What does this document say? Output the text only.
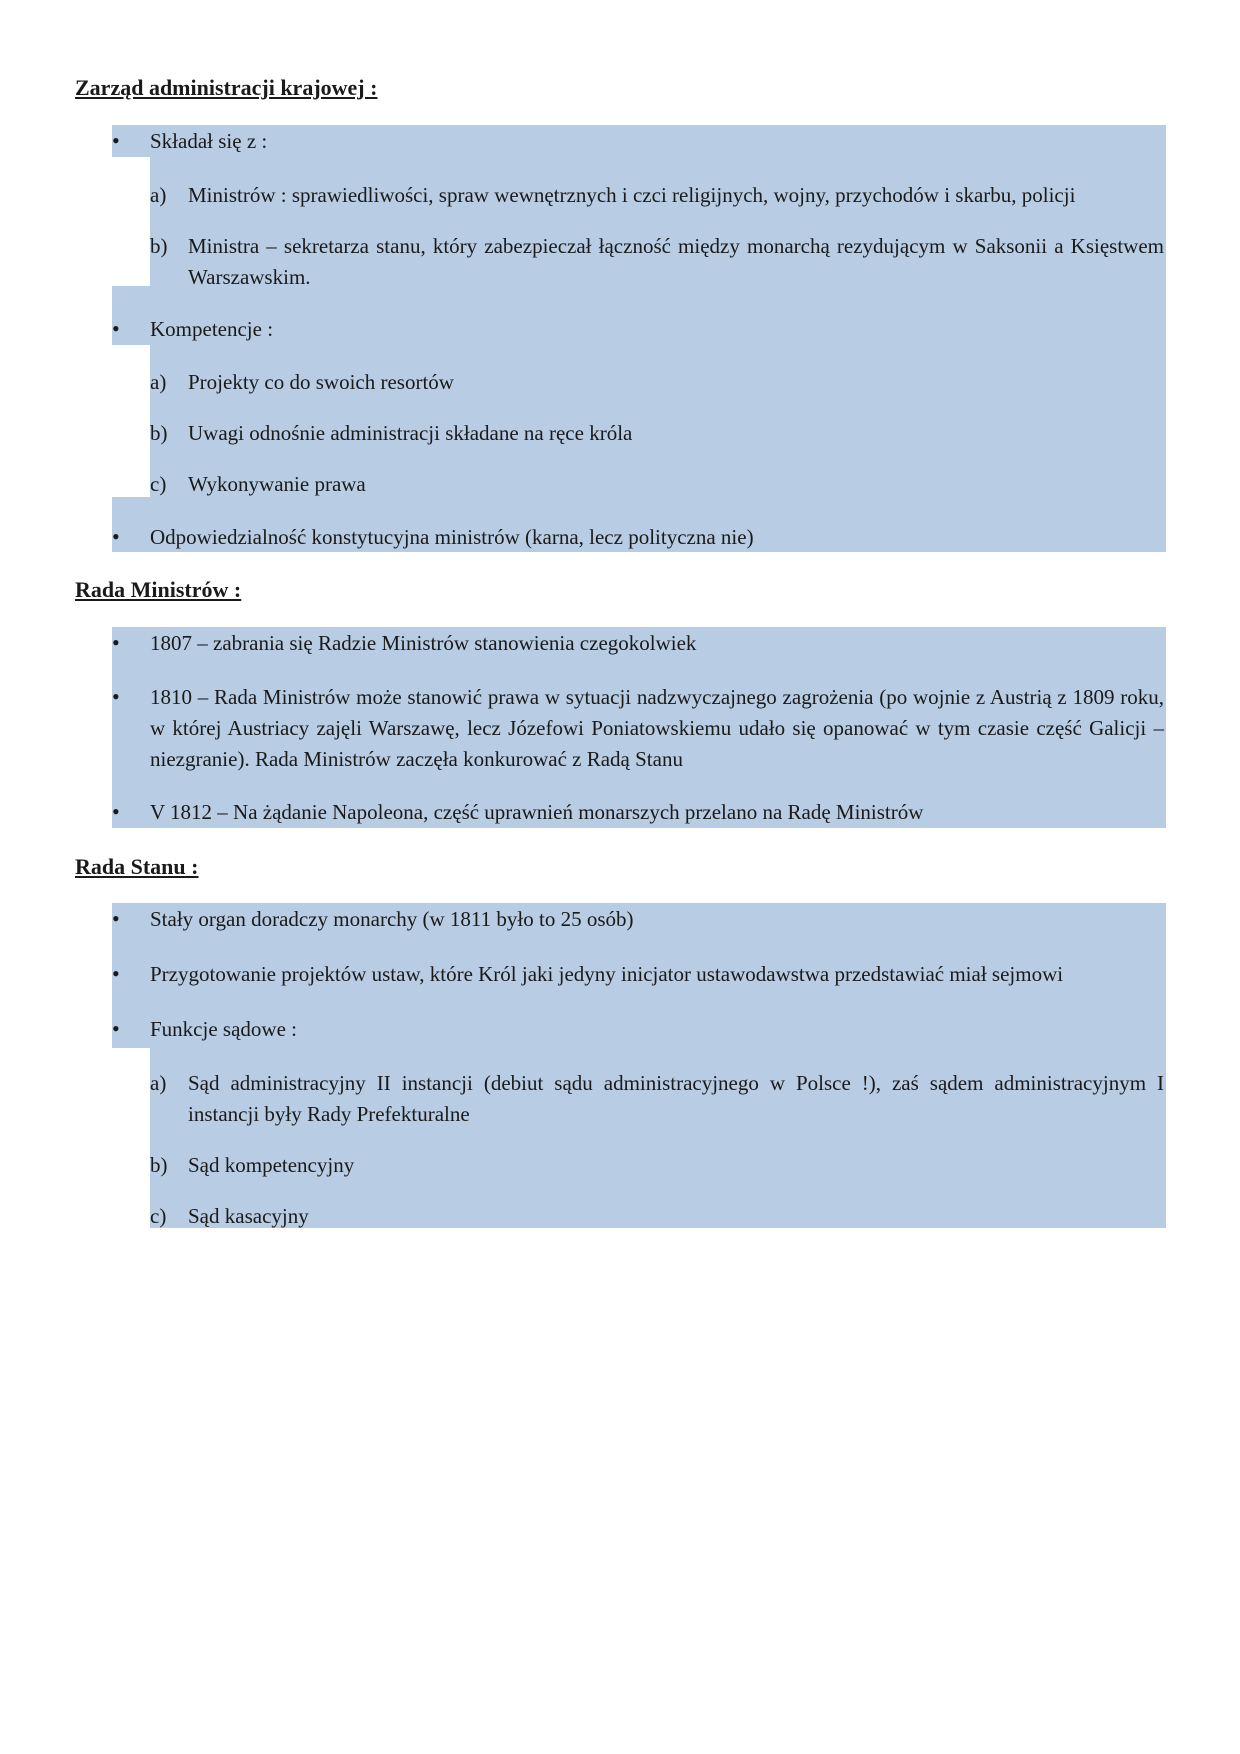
Zarząd administracji krajowej :
• Składał się z :
a) Ministrów : sprawiedliwości, spraw wewnętrznych i czci religijnych, wojny, przychodów i skarbu, policji
b) Ministra – sekretarza stanu, który zabezpieczał łączność między monarchą rezydującym w Saksonii a Księstwem Warszawskim.
• Kompetencje :
a) Projekty co do swoich resortów
b) Uwagi odnośnie administracji składane na ręce króla
c) Wykonywanie prawa
• Odpowiedzialność konstytucyjna ministrów (karna, lecz polityczna nie)
Rada Ministrów :
• 1807 – zabrania się Radzie Ministrów stanowienia czegokolwiek
• 1810 – Rada Ministrów może stanowić prawa w sytuacji nadzwyczajnego zagrożenia (po wojnie z Austrią z 1809 roku, w której Austriacy zajęli Warszawę, lecz Józefowi Poniatowskiemu udało się opanować w tym czasie część Galicji – niezgranie). Rada Ministrów zaczęła konkurować z Radą Stanu
• V 1812 – Na żądanie Napoleona, część uprawnień monarszych przelano na Radę Ministrów
Rada Stanu :
• Stały organ doradczy monarchy (w 1811 było to 25 osób)
• Przygotowanie projektów ustaw, które Król jaki jedyny inicjator ustawodawstwa przedstawiać miał sejmowi
• Funkcje sądowe :
a) Sąd administracyjny II instancji (debiut sądu administracyjnego w Polsce !), zaś sądem administracyjnym I instancji były Rady Prefekturalne
b) Sąd kompetencyjny
c) Sąd kasacyjny
